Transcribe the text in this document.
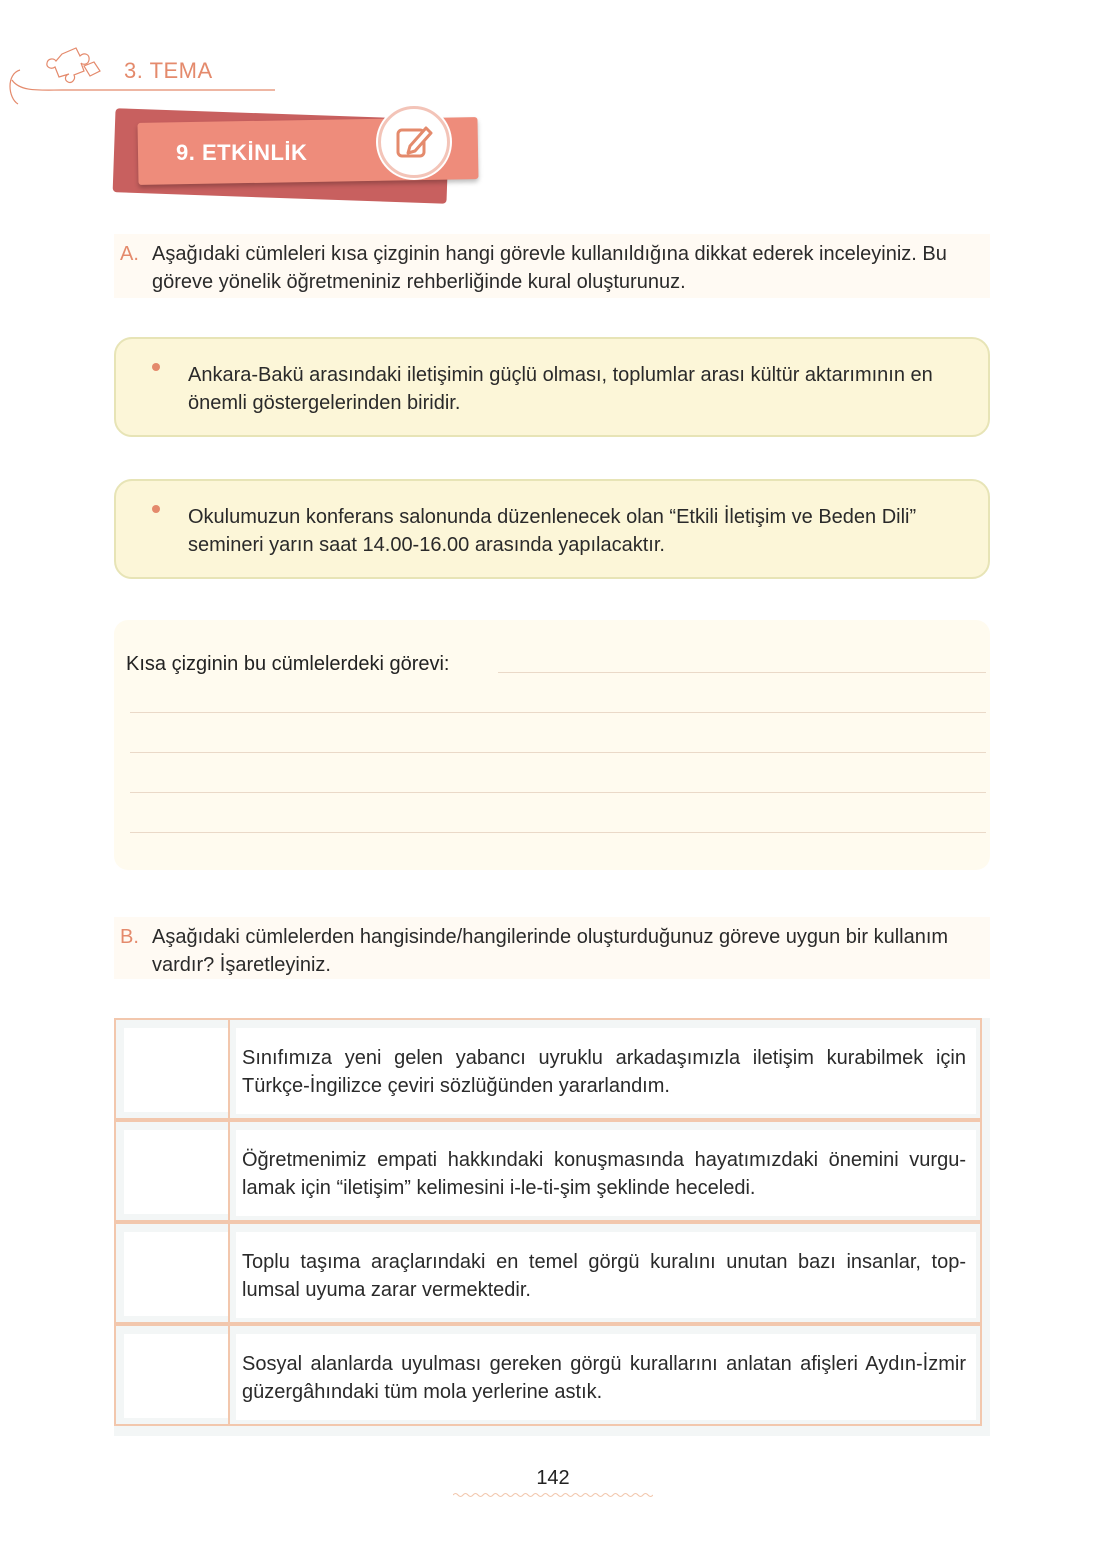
3. TEMA
9. ETKİNLİK
A. Aşağıdaki cümleleri kısa çizginin hangi görevle kullanıldığına dikkat ederek inceleyiniz. Bu
göreve yönelik öğretmeniniz rehberliğinde kural oluşturunuz.
Ankara-Bakü arasındaki iletişimin güçlü olması, toplumlar arası kültür aktarımının en
önemli göstergelerinden biridir.
Okulumuzun konferans salonunda düzenlenecek olan “Etkili İletişim ve Beden Dili”
semineri yarın saat 14.00-16.00 arasında yapılacaktır.
Kısa çizginin bu cümlelerdeki görevi:
B. Aşağıdaki cümlelerden hangisinde/hangilerinde oluşturduğunuz göreve uygun bir kullanım
vardır? İşaretleyiniz.
Sınıfımıza yeni gelen yabancı uyruklu arkadaşımızla iletişim kurabilmek için
Türkçe-İngilizce çeviri sözlüğünden yararlandım.
Öğretmenimiz empati hakkındaki konuşmasında hayatımızdaki önemini vurgu-
lamak için “iletişim” kelimesini i-le-ti-şim şeklinde heceledi.
Toplu taşıma araçlarındaki en temel görgü kuralını unutan bazı insanlar, top-
lumsal uyuma zarar vermektedir.
Sosyal alanlarda uyulması gereken görgü kurallarını anlatan afişleri Aydın-İzmir
güzergâhındaki tüm mola yerlerine astık.
142
